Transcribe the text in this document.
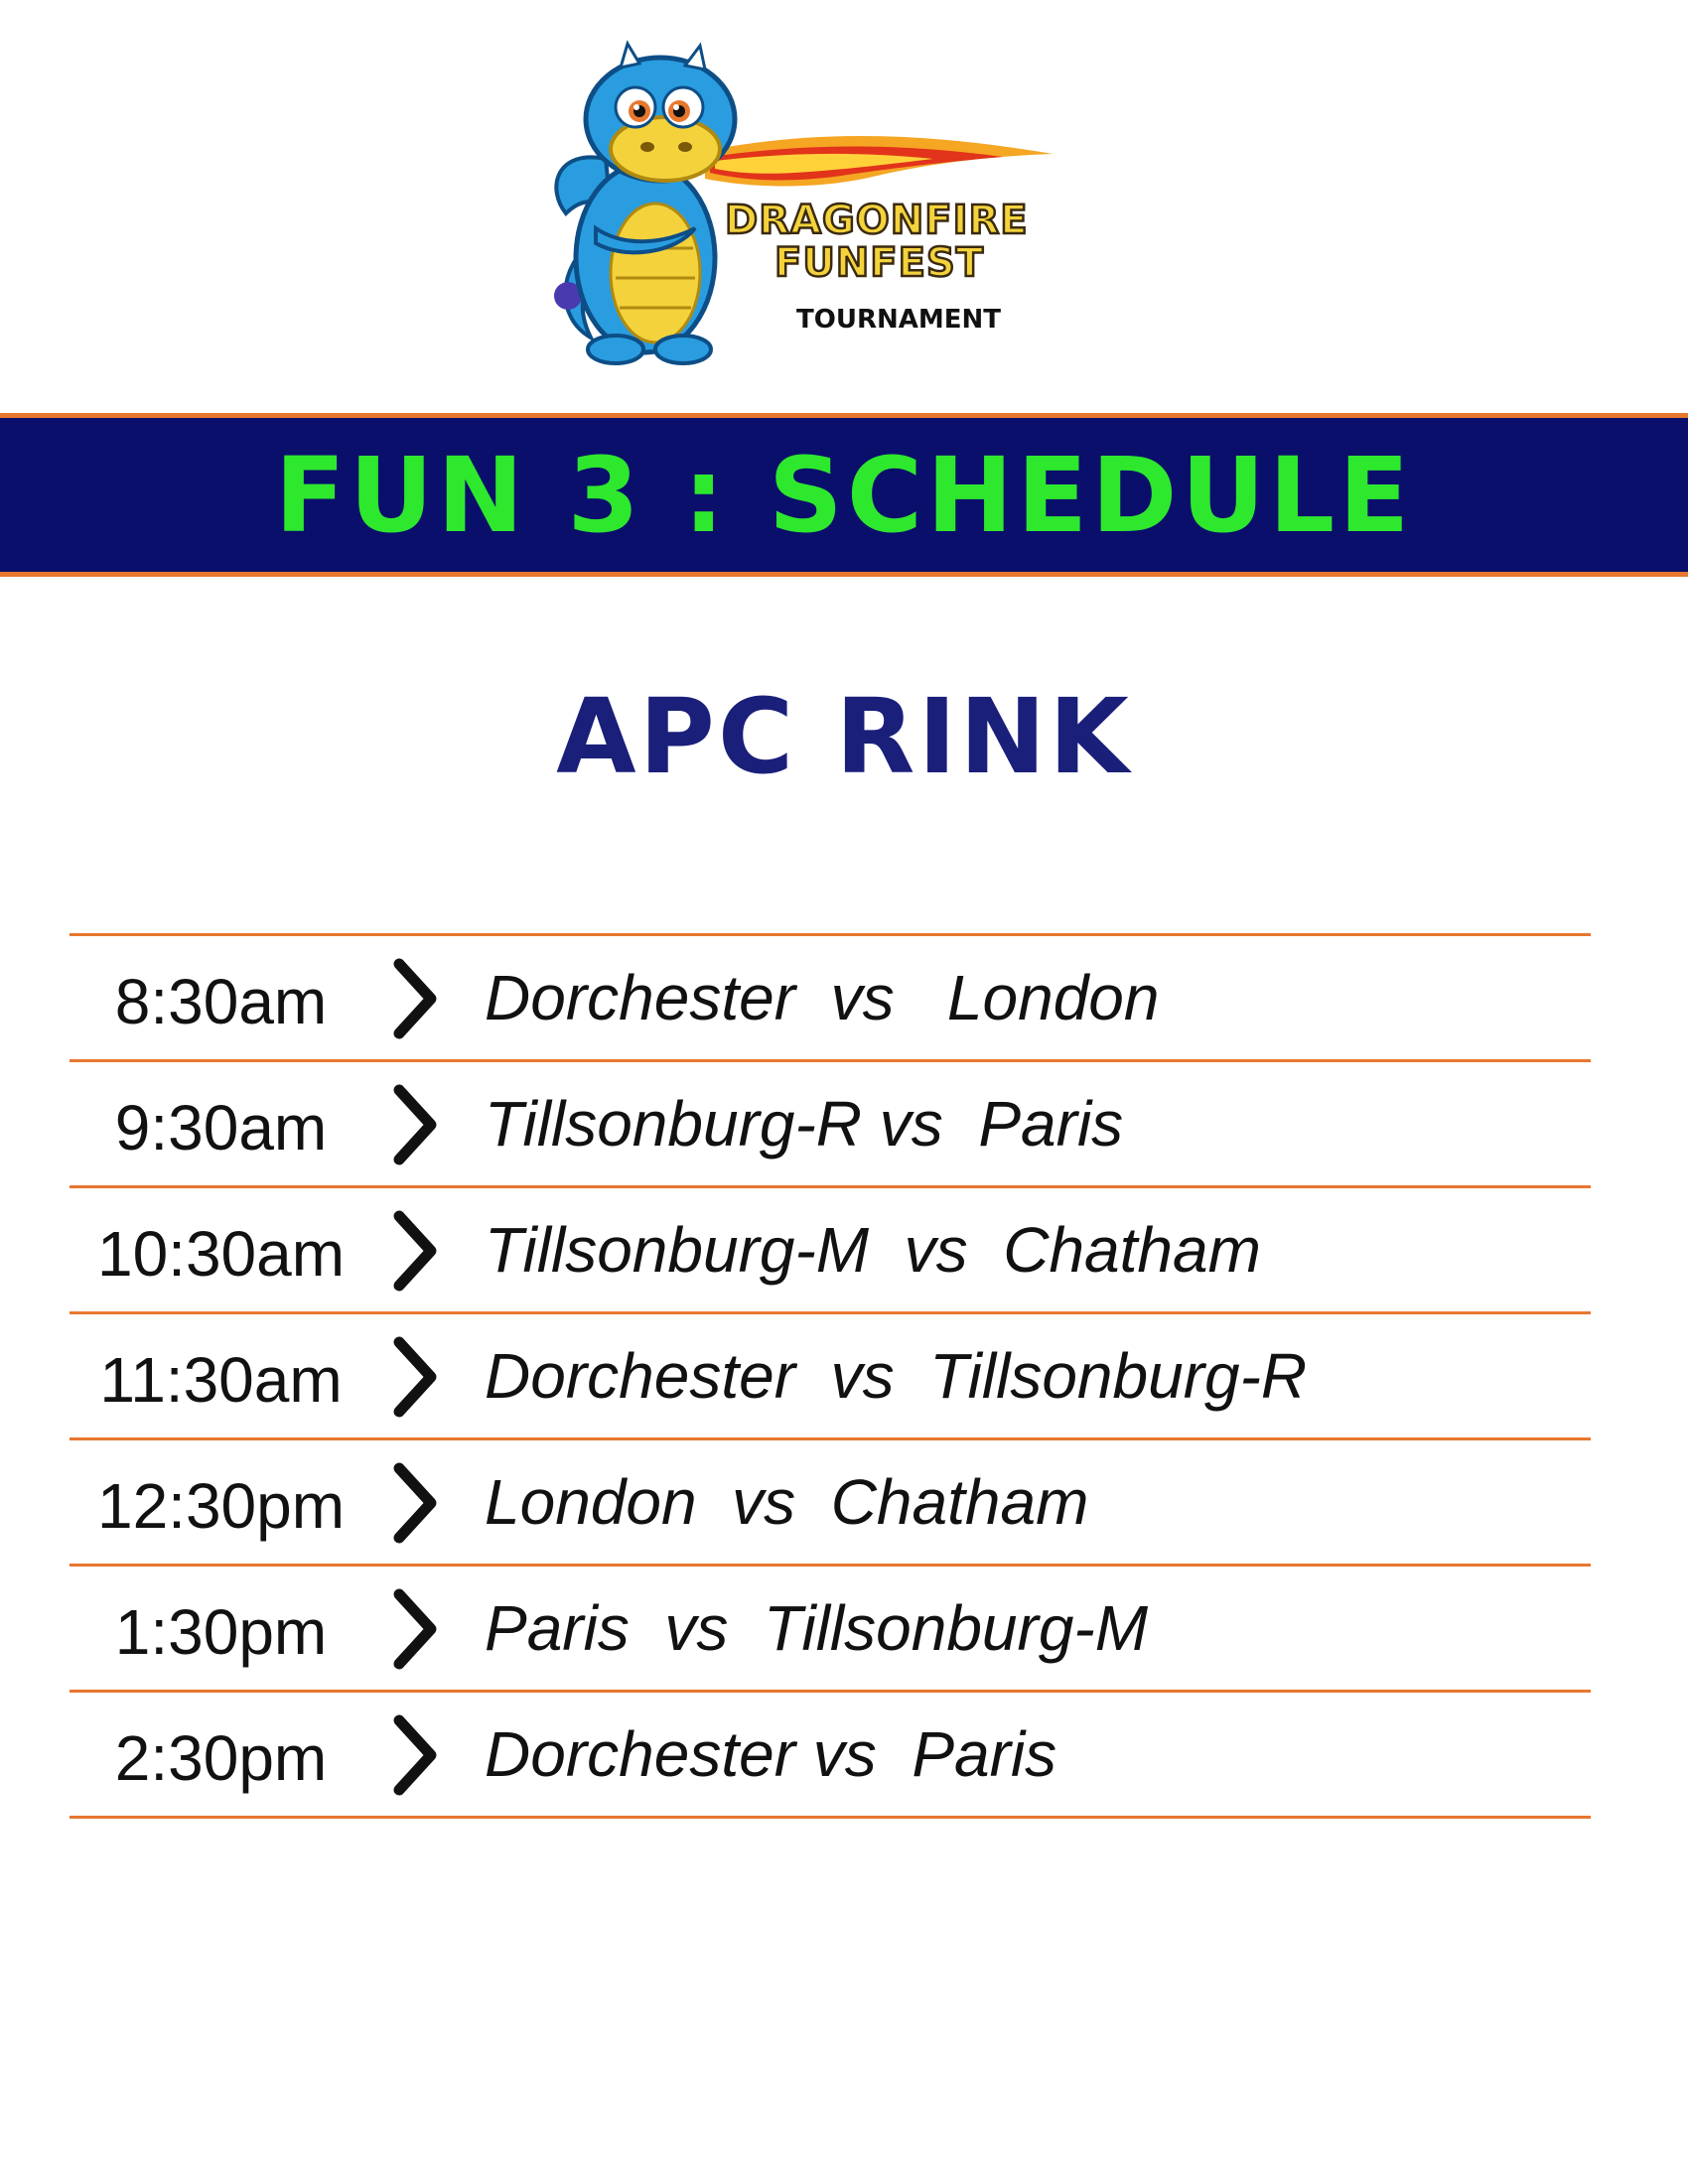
DRAGONFIRE
FUNFEST
TOURNAMENT
FUN 3 : SCHEDULE
APC RINK
8:30am	Dorchester  vs   London
9:30am	Tillsonburg-R vs  Paris
10:30am	Tillsonburg-M  vs  Chatham
11:30am	Dorchester  vs  Tillsonburg-R
12:30pm	London  vs  Chatham
1:30pm	Paris  vs  Tillsonburg-M
2:30pm	Dorchester vs  Paris
